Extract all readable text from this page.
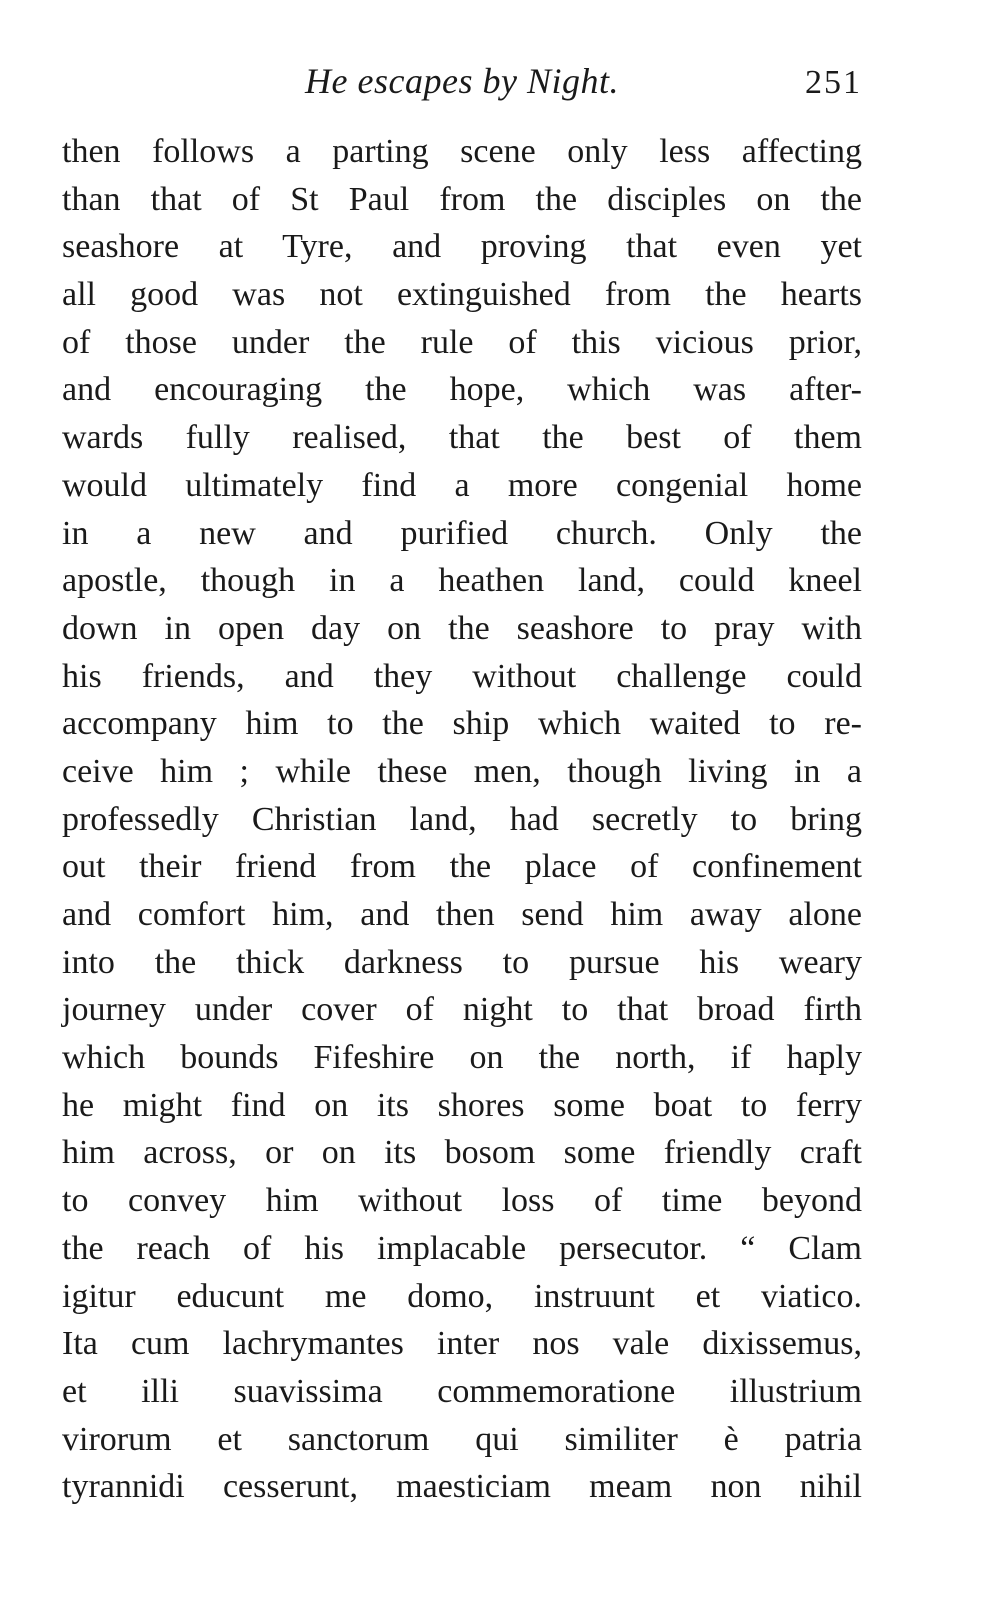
He escapes by Night.	251
then follows a parting scene only less affecting
than that of St Paul from the disciples on the
seashore at Tyre, and proving that even yet
all good was not extinguished from the hearts
of those under the rule of this vicious prior,
and encouraging the hope, which was after-
wards fully realised, that the best of them
would ultimately find a more congenial home
in a new and purified church. Only the
apostle, though in a heathen land, could kneel
down in open day on the seashore to pray with
his friends, and they without challenge could
accompany him to the ship which waited to re-
ceive him ; while these men, though living in a
professedly Christian land, had secretly to bring
out their friend from the place of confinement
and comfort him, and then send him away alone
into the thick darkness to pursue his weary
journey under cover of night to that broad firth
which bounds Fifeshire on the north, if haply
he might find on its shores some boat to ferry
him across, or on its bosom some friendly craft
to convey him without loss of time beyond
the reach of his implacable persecutor. “ Clam
igitur educunt me domo, instruunt et viatico.
Ita cum lachrymantes inter nos vale dixissemus,
et illi suavissima commemoratione illustrium
virorum et sanctorum qui similiter è patria
tyrannidi cesserunt, maesticiam meam non nihil
